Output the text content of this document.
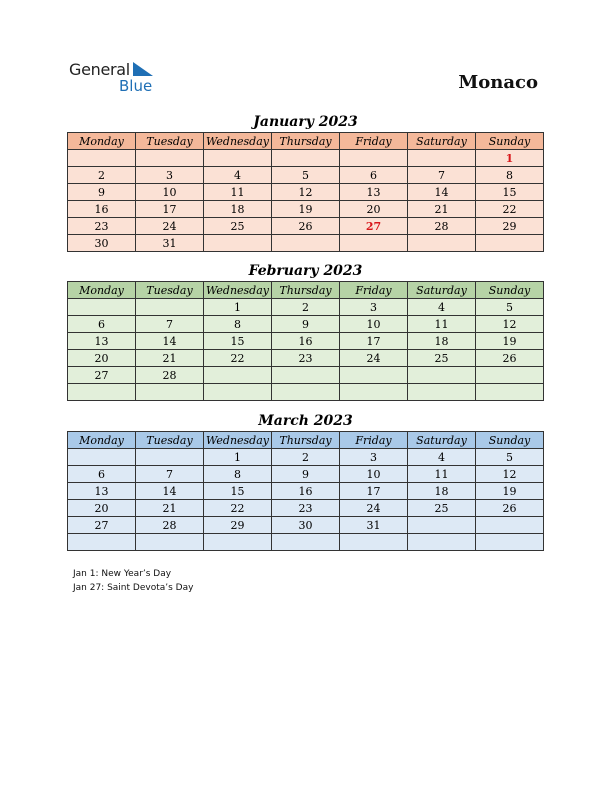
General
Blue	Monaco
January 2023
Monday	Tuesday	Wednesday	Thursday	Friday	Saturday	Sunday
						1
2	3	4	5	6	7	8
9	10	11	12	13	14	15
16	17	18	19	20	21	22
23	24	25	26	27	28	29
30	31					
February 2023
Monday	Tuesday	Wednesday	Thursday	Friday	Saturday	Sunday
		1	2	3	4	5
6	7	8	9	10	11	12
13	14	15	16	17	18	19
20	21	22	23	24	25	26
27	28					

March 2023
Monday	Tuesday	Wednesday	Thursday	Friday	Saturday	Sunday
		1	2	3	4	5
6	7	8	9	10	11	12
13	14	15	16	17	18	19
20	21	22	23	24	25	26
27	28	29	30	31		

Jan 1: New Year’s Day
Jan 27: Saint Devota’s Day
